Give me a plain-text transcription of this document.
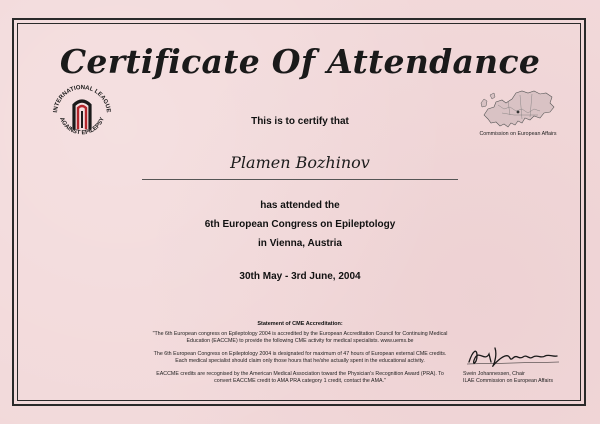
INTERNATIONAL LEAGUE
AGAINST EPILEPSY
Certificate Of Attendance
Commission on European Affairs
This is to certify that
Plamen Bozhinov
has attended the
6th European Congress on Epileptology
in Vienna, Austria
30th May - 3rd June, 2004
Statement of CME Accreditation:
"The 6th European congress on Epileptology 2004 is accredited by the European Accreditation Council for Continuing Medical Education (EACCME) to provide the following CME activity for medical specialists. www.uems.be
The 6th European Congress on Epileptology 2004 is designated for maximum of 47 hours of European external CME credits. Each medical specialist should claim only those hours that he/she actually spent in the educational activity.
EACCME credits are recognised by the American Medical Association toward the Physician's Recognition Award (PRA). To convert EACCME credit to AMA PRA category 1 credit, contact the AMA."
Svein Johannessen, Chair
ILAE Commission on European Affairs
